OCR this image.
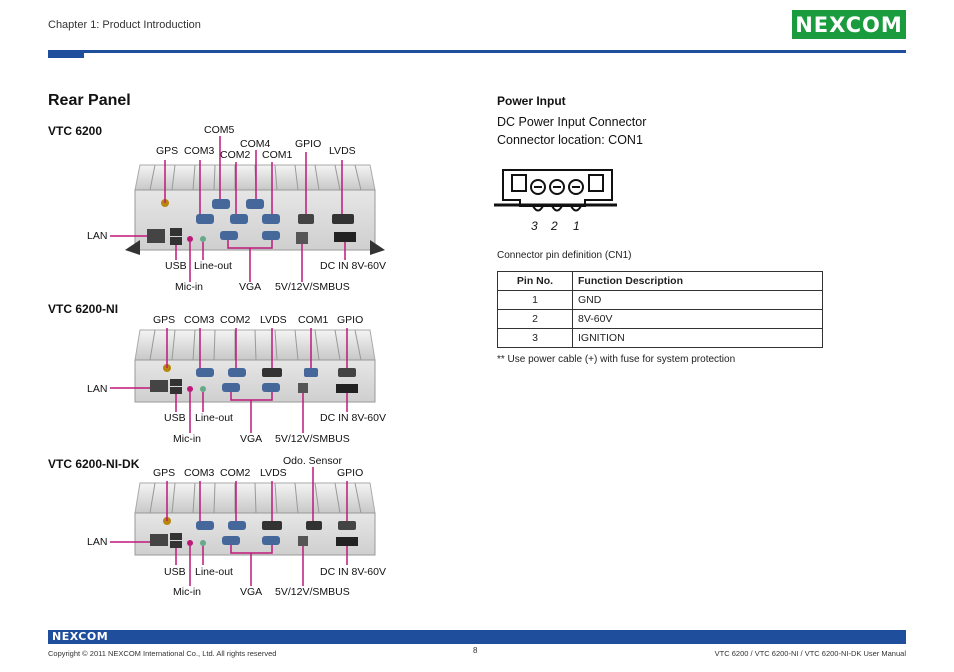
Chapter 1: Product Introduction	NEXCOM
Rear Panel
VTC 6200
VTC 6200-NI
VTC 6200-NI-DK
COM5
GPS COM3
COM4
COM2 COM1
GPIO
LVDS
LAN
USB Line-out	DC IN 8V-60V
Mic-in	VGA 5V/12V/SMBUS
GPS COM3 COM2 LVDS COM1 GPIO
LAN
USB Line-out	DC IN 8V-60V
Mic-in	VGA 5V/12V/SMBUS
Odo. Sensor
GPS COM3 COM2 LVDS	GPIO
LAN
USB Line-out	DC IN 8V-60V
Mic-in	VGA 5V/12V/SMBUS
Power Input
DC Power Input Connector
Connector location: CON1
3 2 1
Connector pin definition (CN1)
Pin No.	Function Description
1	GND
2	8V-60V
3	IGNITION
** Use power cable (+) with fuse for system protection
NEXCOM
Copyright © 2011 NEXCOM International Co., Ltd. All rights reserved	8	VTC 6200 / VTC 6200-NI / VTC 6200-NI-DK User Manual
